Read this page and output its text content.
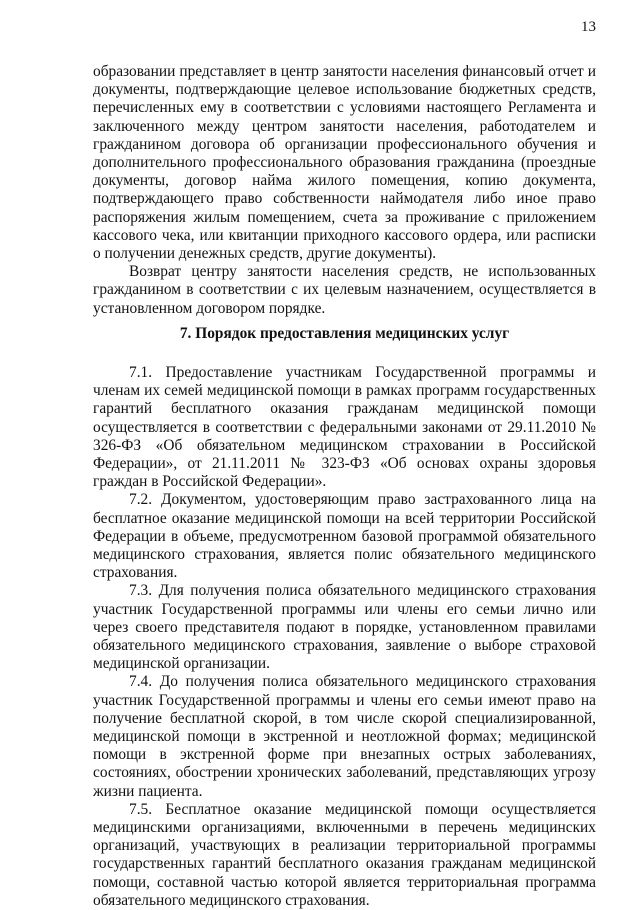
13

образовании представляет в центр занятости населения финансовый отчет и документы, подтверждающие целевое использование бюджетных средств, перечисленных ему в соответствии с условиями настоящего Регламента и заключенного между центром занятости населения, работодателем и гражданином договора об организации профессионального обучения и дополнительного профессионального образования гражданина (проездные документы, договор найма жилого помещения, копию документа, подтверждающего право собственности наймодателя либо иное право распоряжения жилым помещением, счета за проживание с приложением кассового чека, или квитанции приходного кассового ордера, или расписки о получении денежных средств, другие документы).

Возврат центру занятости населения средств, не использованных гражданином в соответствии с их целевым назначением, осуществляется в установленном договором порядке.

7. Порядок предоставления медицинских услуг

7.1. Предоставление участникам Государственной программы и членам их семей медицинской помощи в рамках программ государственных гарантий бесплатного оказания гражданам медицинской помощи осуществляется в соответствии с федеральными законами от 29.11.2010 № 326-ФЗ «Об обязательном медицинском страховании в Российской Федерации», от 21.11.2011 № 323-ФЗ «Об основах охраны здоровья граждан в Российской Федерации».

7.2. Документом, удостоверяющим право застрахованного лица на бесплатное оказание медицинской помощи на всей территории Российской Федерации в объеме, предусмотренном базовой программой обязательного медицинского страхования, является полис обязательного медицинского страхования.

7.3. Для получения полиса обязательного медицинского страхования участник Государственной программы или члены его семьи лично или через своего представителя подают в порядке, установленном правилами обязательного медицинского страхования, заявление о выборе страховой медицинской организации.

7.4. До получения полиса обязательного медицинского страхования участник Государственной программы и члены его семьи имеют право на получение бесплатной скорой, в том числе скорой специализированной, медицинской помощи в экстренной и неотложной формах; медицинской помощи в экстренной форме при внезапных острых заболеваниях, состояниях, обострении хронических заболеваний, представляющих угрозу жизни пациента.

7.5. Бесплатное оказание медицинской помощи осуществляется медицинскими организациями, включенными в перечень медицинских организаций, участвующих в реализации территориальной программы государственных гарантий бесплатного оказания гражданам медицинской помощи, составной частью которой является территориальная программа обязательного медицинского страхования.
